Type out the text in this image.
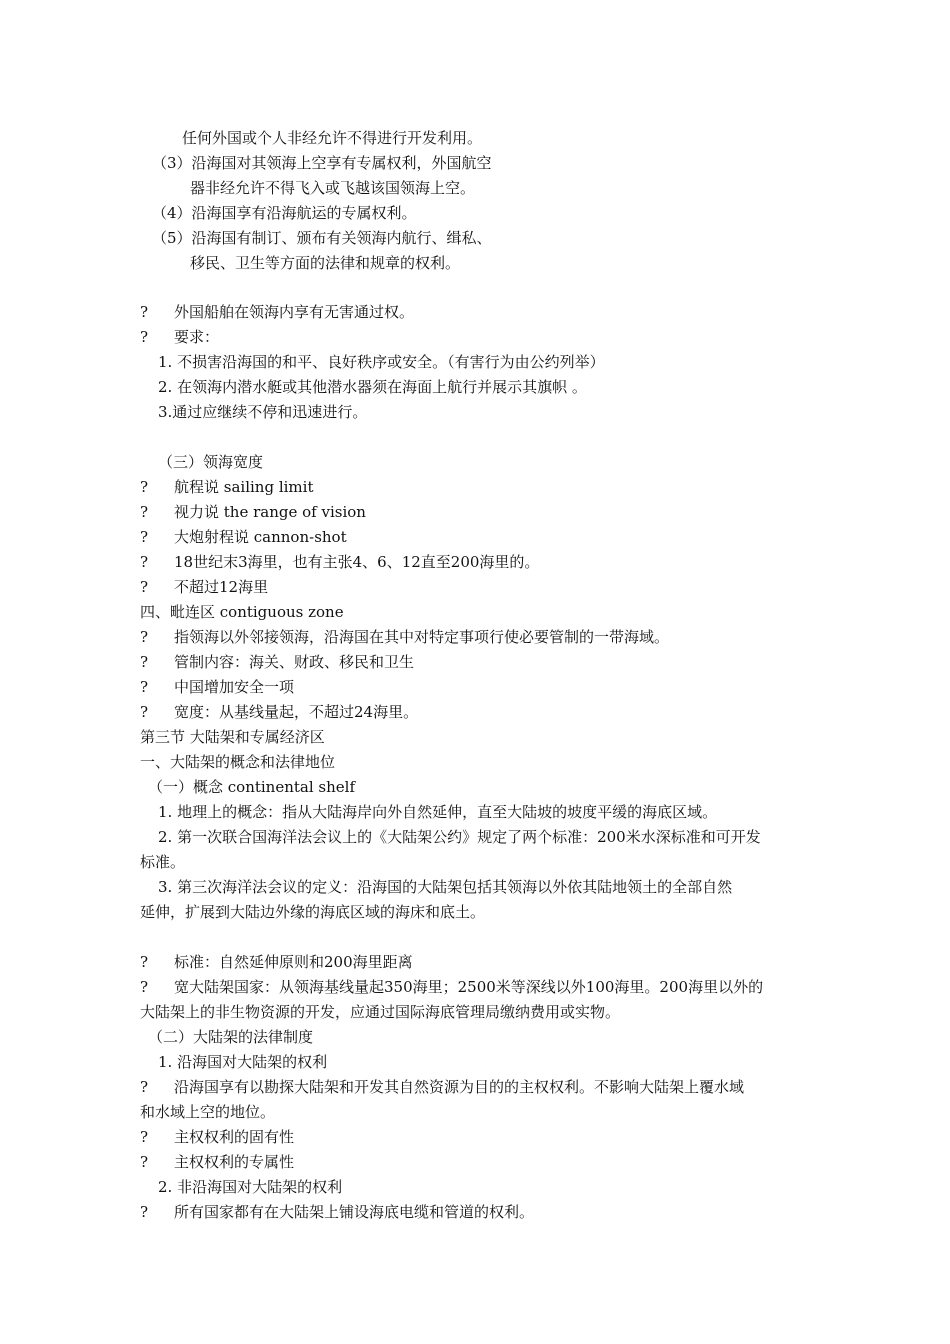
任何外国或个人非经允许不得进行开发利用。
（3）沿海国对其领海上空享有专属权利，外国航空
器非经允许不得飞入或飞越该国领海上空。
（4）沿海国享有沿海航运的专属权利。
（5）沿海国有制订、颁布有关领海内航行、缉私、
移民、卫生等方面的法律和规章的权利。
? 外国船舶在领海内享有无害通过权。
? 要求：
1. 不损害沿海国的和平、良好秩序或安全。（有害行为由公约列举）
2. 在领海内潜水艇或其他潜水器须在海面上航行并展示其旗帜 。
3.通过应继续不停和迅速进行。
（三）领海宽度
? 航程说 sailing limit
? 视力说 the range of vision
? 大炮射程说 cannon-shot
? 18世纪末3海里，也有主张4、6、12直至200海里的。
? 不超过12海里
四、毗连区 contiguous zone
? 指领海以外邻接领海，沿海国在其中对特定事项行使必要管制的一带海域。
? 管制内容：海关、财政、移民和卫生
? 中国增加安全一项
? 宽度：从基线量起，不超过24海里。
第三节 大陆架和专属经济区
一、大陆架的概念和法律地位
（一）概念 continental shelf
1. 地理上的概念：指从大陆海岸向外自然延伸，直至大陆坡的坡度平缓的海底区域。
2. 第一次联合国海洋法会议上的《大陆架公约》规定了两个标准：200米水深标准和可开发
标准。
3. 第三次海洋法会议的定义：沿海国的大陆架包括其领海以外依其陆地领土的全部自然
延伸，扩展到大陆边外缘的海底区域的海床和底土。
? 标准：自然延伸原则和200海里距离
? 宽大陆架国家：从领海基线量起350海里；2500米等深线以外100海里。200海里以外的
大陆架上的非生物资源的开发，应通过国际海底管理局缴纳费用或实物。
（二）大陆架的法律制度
1. 沿海国对大陆架的权利
? 沿海国享有以勘探大陆架和开发其自然资源为目的的主权权利。不影响大陆架上覆水域
和水域上空的地位。
? 主权权利的固有性
? 主权权利的专属性
2. 非沿海国对大陆架的权利
? 所有国家都有在大陆架上铺设海底电缆和管道的权利。
